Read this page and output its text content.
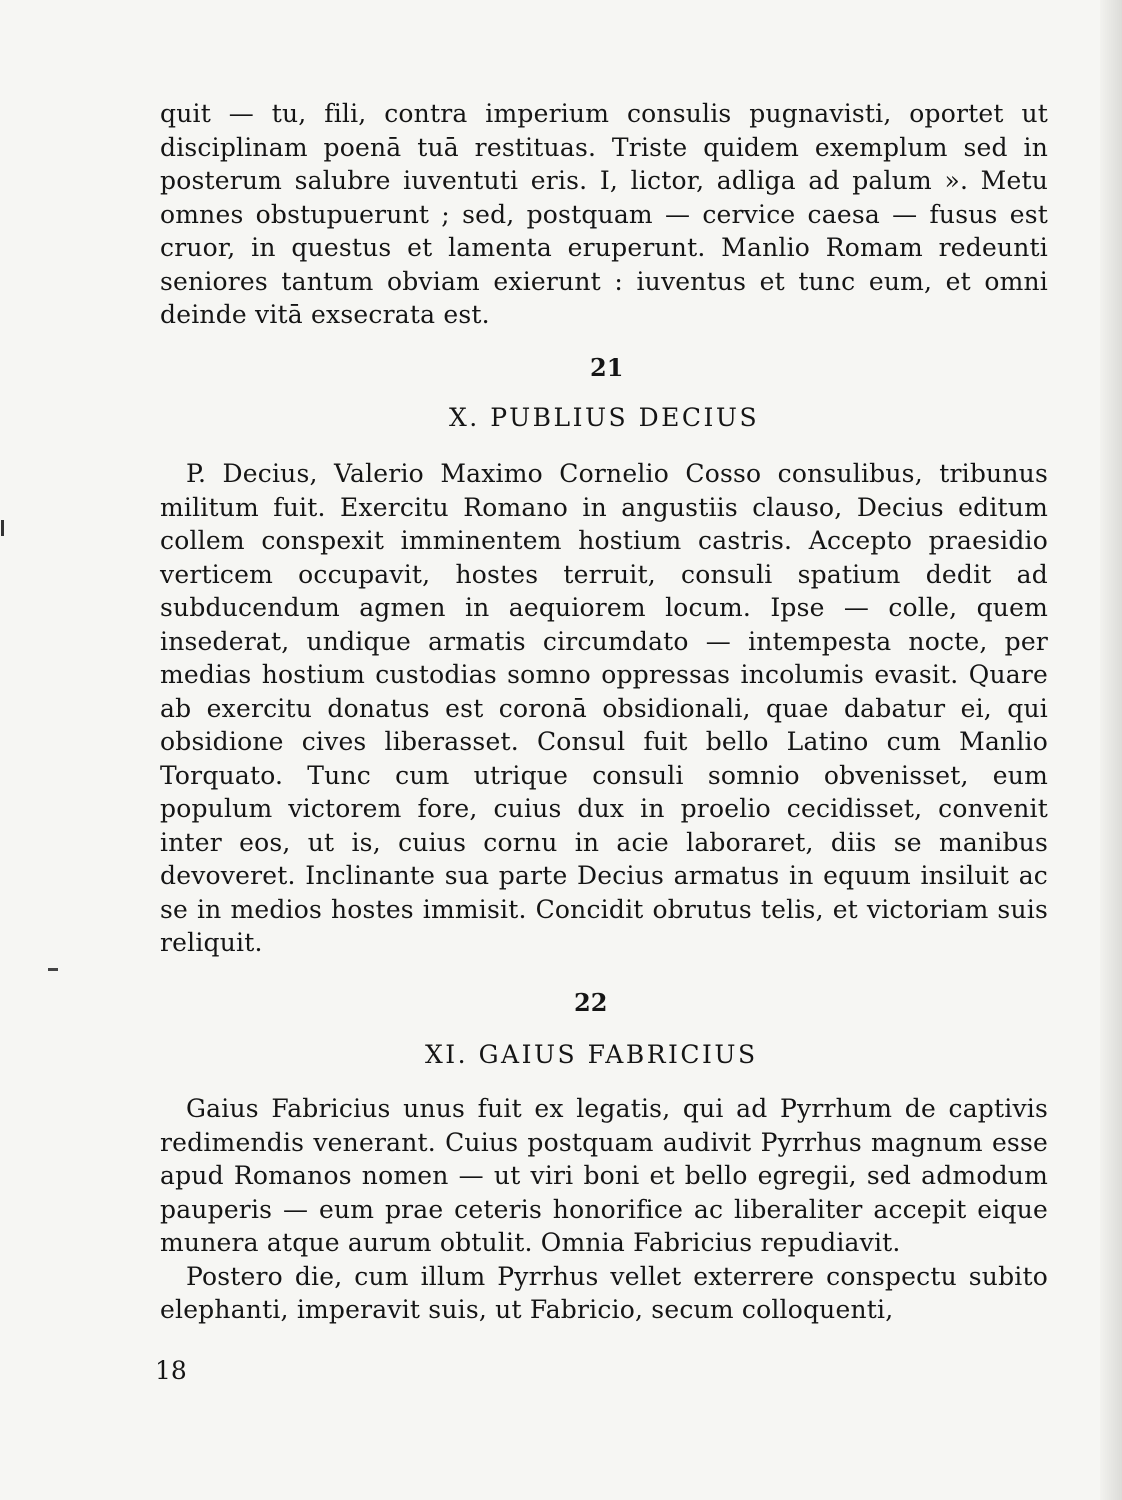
quit — tu, fili, contra imperium consulis pugnavisti, oportet ut disciplinam poenā tuā restituas. Triste quidem exemplum sed in posterum salubre iuventuti eris. I, lictor, adliga ad palum ». Metu omnes obstupuerunt ; sed, postquam — cervice caesa — fusus est cruor, in questus et lamenta eruperunt. Manlio Romam redeunti seniores tantum obviam exierunt : iuventus et tunc eum, et omni deinde vitā exsecrata est.

21
X. PUBLIUS DECIUS

P. Decius, Valerio Maximo Cornelio Cosso consulibus, tribunus militum fuit. Exercitu Romano in angustiis clauso, Decius editum collem conspexit imminentem hostium castris. Accepto praesidio verticem occupavit, hostes terruit, consuli spatium dedit ad subducendum agmen in aequiorem locum. Ipse — colle, quem insederat, undique armatis circumdato — intempesta nocte, per medias hostium custodias somno oppressas incolumis evasit. Quare ab exercitu donatus est coronā obsidionali, quae dabatur ei, qui obsidione cives liberasset. Consul fuit bello Latino cum Manlio Torquato. Tunc cum utrique consuli somnio obvenisset, eum populum victorem fore, cuius dux in proelio cecidisset, convenit inter eos, ut is, cuius cornu in acie laboraret, diis se manibus devoveret. Inclinante sua parte Decius armatus in equum insiluit ac se in medios hostes immisit. Concidit obrutus telis, et victoriam suis reliquit.

22
XI. GAIUS FABRICIUS

Gaius Fabricius unus fuit ex legatis, qui ad Pyrrhum de captivis redimendis venerant. Cuius postquam audivit Pyrrhus magnum esse apud Romanos nomen — ut viri boni et bello egregii, sed admodum pauperis — eum prae ceteris honorifice ac liberaliter accepit eique munera atque aurum obtulit. Omnia Fabricius repudiavit.

Postero die, cum illum Pyrrhus vellet exterrere conspectu subito elephanti, imperavit suis, ut Fabricio, secum colloquenti,

18
